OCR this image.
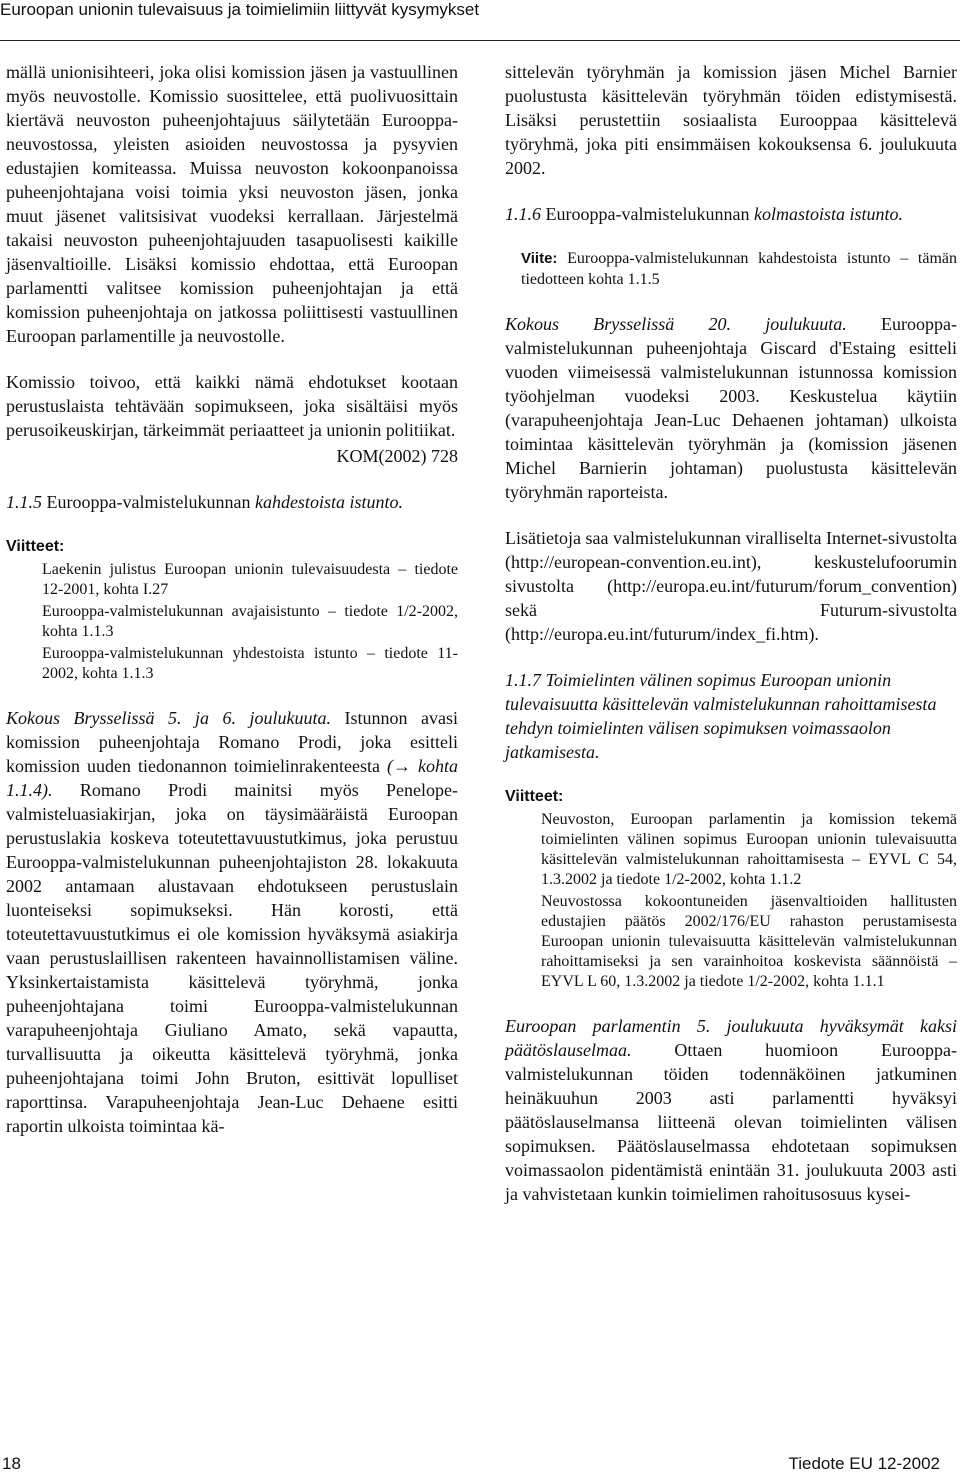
Euroopan unionin tulevaisuus ja toimielimiin liittyvät kysymykset

mällä unionisihteeri, joka olisi komission jäsen ja vastuullinen myös neuvostolle. Komissio suosittelee, että puolivuosittain kiertävä neuvoston puheenjohtajuus säilytetään Eurooppa-neuvostossa, yleisten asioiden neuvostossa ja pysyvien edustajien komiteassa. Muissa neuvoston kokoonpanoissa puheenjohtajana voisi toimia yksi neuvoston jäsen, jonka muut jäsenet valitsisivat vuodeksi kerrallaan. Järjestelmä takaisi neuvoston puheenjohtajuuden tasapuolisesti kaikille jäsenvaltioille. Lisäksi komissio ehdottaa, että Euroopan parlamentti valitsee komission puheenjohtajan ja että komission puheenjohtaja on jatkossa poliittisesti vastuullinen Euroopan parlamentille ja neuvostolle.

Komissio toivoo, että kaikki nämä ehdotukset kootaan perustuslaista tehtävään sopimukseen, joka sisältäisi myös perusoikeuskirjan, tärkeimmät periaatteet ja unionin politiikat.

KOM(2002) 728

1.1.5 Eurooppa-valmistelukunnan kahdestoista istunto.

Viitteet:

Laekenin julistus Euroopan unionin tulevaisuudesta – tiedote 12-2001, kohta I.27

Eurooppa-valmistelukunnan avajaisistunto – tiedote 1/2-2002, kohta 1.1.3

Eurooppa-valmistelukunnan yhdestoista istunto – tiedote 11-2002, kohta 1.1.3

Kokous Brysselissä 5. ja 6. joulukuuta. Istunnon avasi komission puheenjohtaja Romano Prodi, joka esitteli komission uuden tiedonannon toimielinrakenteesta (→ kohta 1.1.4). Romano Prodi mainitsi myös Penelope-valmisteluasiakirjan, joka on täysimääräistä Euroopan perustuslakia koskeva toteutettavuustutkimus, joka perustuu Eurooppa-valmistelukunnan puheenjohtajiston 28. lokakuuta 2002 antamaan alustavaan ehdotukseen perustuslain luonteiseksi sopimukseksi. Hän korosti, että toteutettavuustutkimus ei ole komission hyväksymä asiakirja vaan perustuslaillisen rakenteen havainnollistamisen väline. Yksinkertaistamista käsittelevä työryhmä, jonka puheenjohtajana toimi Eurooppa-valmistelukunnan varapuheenjohtaja Giuliano Amato, sekä vapautta, turvallisuutta ja oikeutta käsittelevä työryhmä, jonka puheenjohtajana toimi John Bruton, esittivät lopulliset raporttinsa. Varapuheenjohtaja Jean-Luc Dehaene esitti raportin ulkoista toimintaa kä-

sittelevän työryhmän ja komission jäsen Michel Barnier puolustusta käsittelevän työryhmän töiden edistymisestä. Lisäksi perustettiin sosiaalista Eurooppaa käsittelevä työryhmä, joka piti ensimmäisen kokouksensa 6. joulukuuta 2002.

1.1.6 Eurooppa-valmistelukunnan kolmastoista istunto.

Viite: Eurooppa-valmistelukunnan kahdestoista istunto – tämän tiedotteen kohta 1.1.5

Kokous Brysselissä 20. joulukuuta. Eurooppa-valmistelukunnan puheenjohtaja Giscard d'Estaing esitteli vuoden viimeisessä valmistelukunnan istunnossa komission työohjelman vuodeksi 2003. Keskustelua käytiin (varapuheenjohtaja Jean-Luc Dehaenen johtaman) ulkoista toimintaa käsittelevän työryhmän ja (komission jäsenen Michel Barnierin johtaman) puolustusta käsittelevän työryhmän raporteista.

Lisätietoja saa valmistelukunnan viralliselta Internet-sivustolta (http://european-convention.eu.int), keskustelufoorumin sivustolta (http://europa.eu.int/futurum/forum_convention) sekä Futurum-sivustolta (http://europa.eu.int/futurum/index_fi.htm).

1.1.7 Toimielinten välinen sopimus Euroopan unionin tulevaisuutta käsittelevän valmistelukunnan rahoittamisesta tehdyn toimielinten välisen sopimuksen voimassaolon jatkamisesta.

Viitteet:

Neuvoston, Euroopan parlamentin ja komission tekemä toimielinten välinen sopimus Euroopan unionin tulevaisuutta käsittelevän valmistelukunnan rahoittamisesta – EYVL C 54, 1.3.2002 ja tiedote 1/2-2002, kohta 1.1.2

Neuvostossa kokoontuneiden jäsenvaltioiden hallitusten edustajien päätös 2002/176/EU rahaston perustamisesta Euroopan unionin tulevaisuutta käsittelevän valmistelukunnan rahoittamiseksi ja sen varainhoitoa koskevista säännöistä – EYVL L 60, 1.3.2002 ja tiedote 1/2-2002, kohta 1.1.1

Euroopan parlamentin 5. joulukuuta hyväksymät kaksi päätöslauselmaa. Ottaen huomioon Eurooppa-valmistelukunnan töiden todennäköinen jatkuminen heinäkuuhun 2003 asti parlamentti hyväksyi päätöslauselmansa liitteenä olevan toimielinten välisen sopimuksen. Päätöslauselmassa ehdotetaan sopimuksen voimassaolon pidentämistä enintään 31. joulukuuta 2003 asti ja vahvistetaan kunkin toimielimen rahoitusosuus kysei-

18	Tiedote EU 12-2002
